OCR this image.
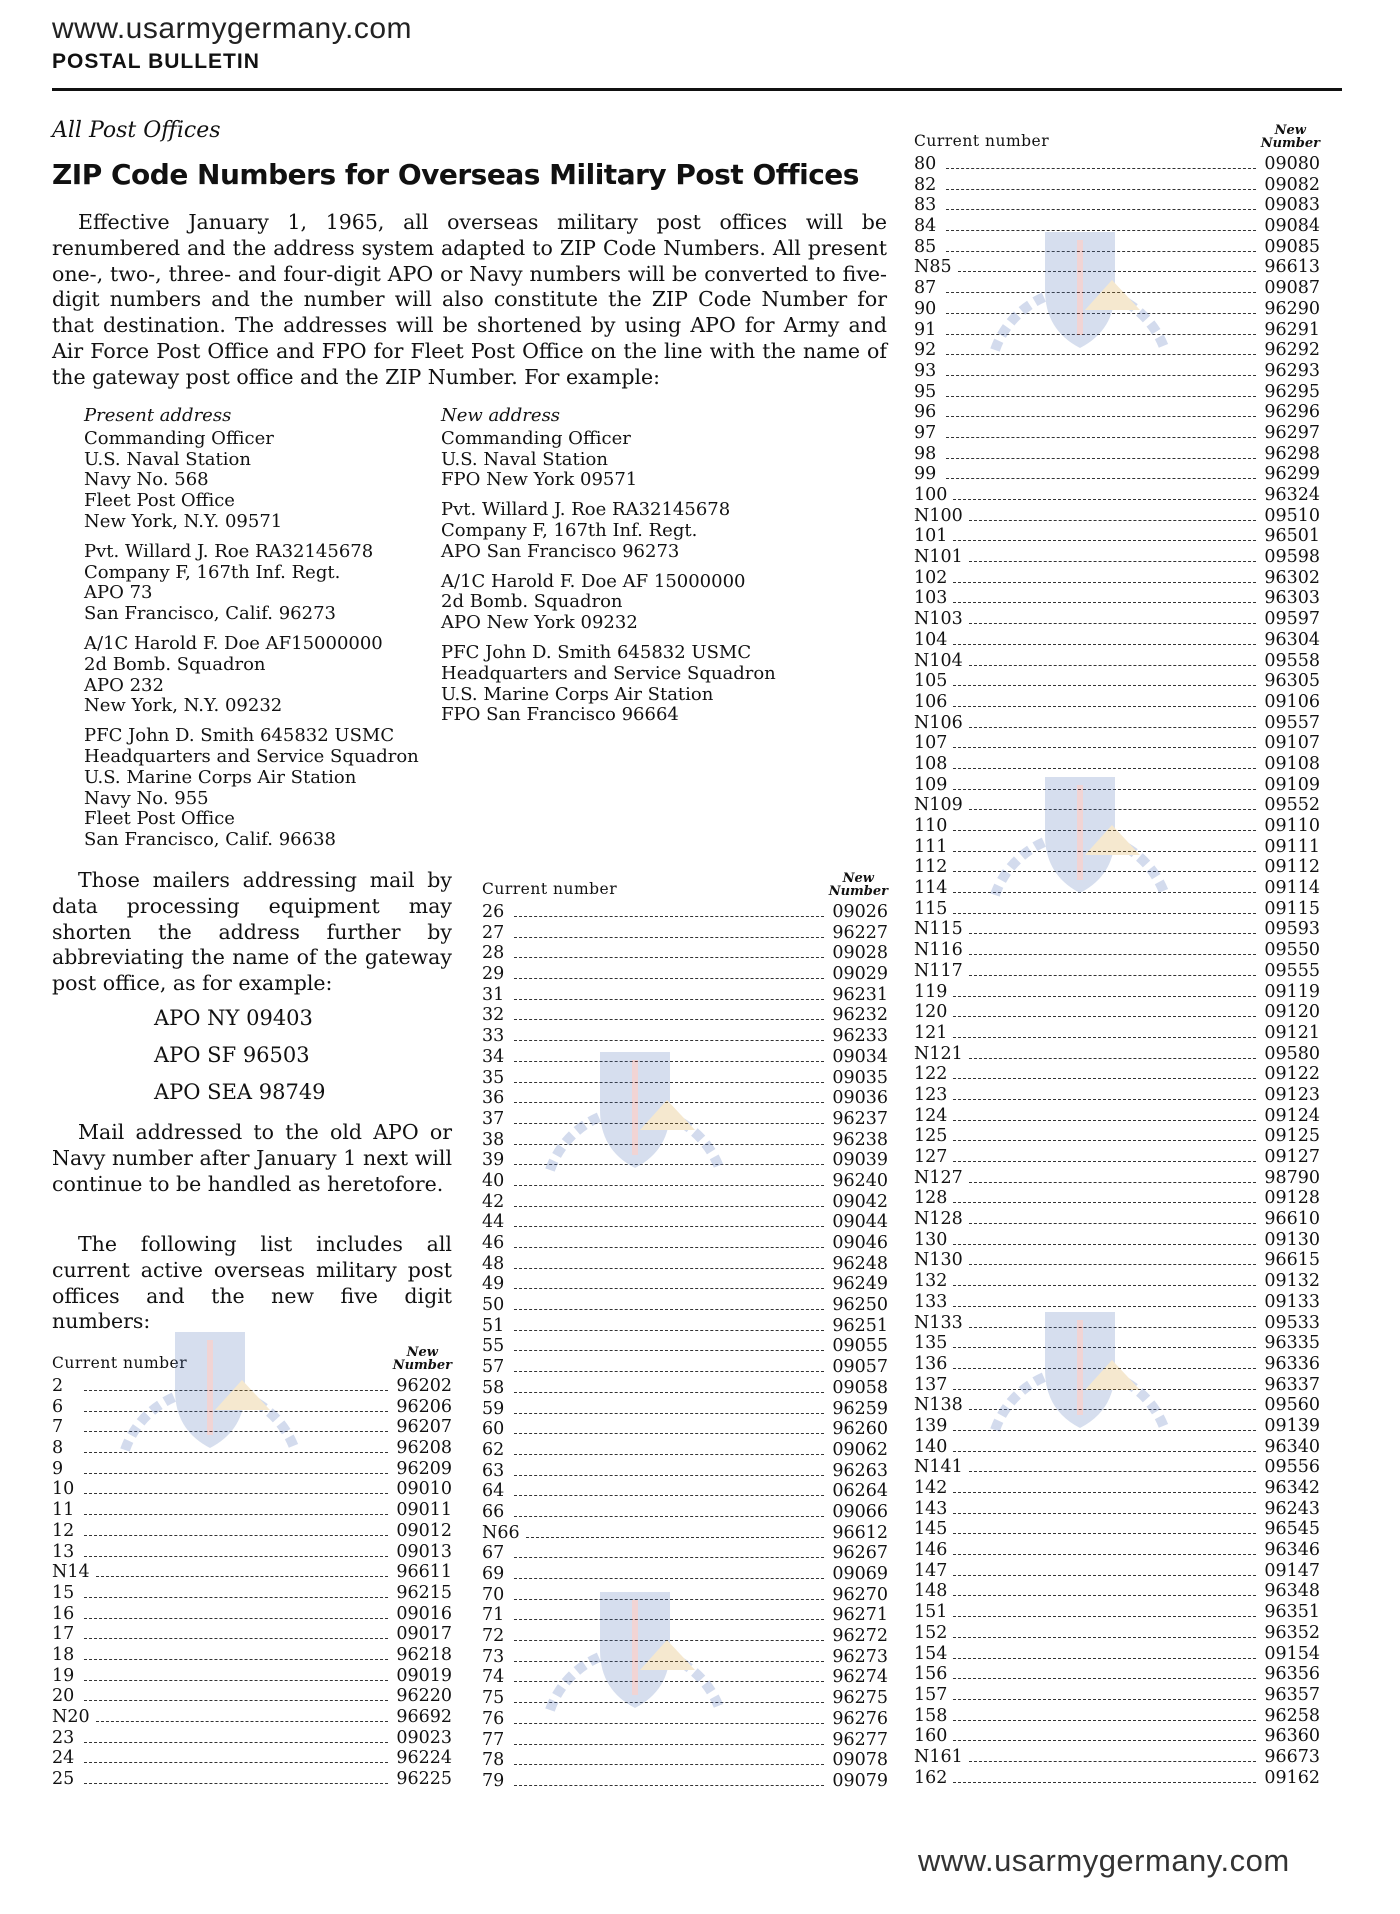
www.usarmygermany.com
POSTAL BULLETIN
All Post Offices
ZIP Code Numbers for Overseas Military Post Offices
Effective January 1, 1965, all overseas military post offices will be renumbered and the address system adapted to ZIP Code Numbers. All present one-, two-, three- and four-digit APO or Navy numbers will be converted to five-digit numbers and the number will also constitute the ZIP Code Number for that destination. The addresses will be shortened by using APO for Army and Air Force Post Office and FPO for Fleet Post Office on the line with the name of the gateway post office and the ZIP Number. For example:
Present address
Commanding Officer
U.S. Naval Station
Navy No. 568
Fleet Post Office
New York, N.Y. 09571
Pvt. Willard J. Roe RA32145678
Company F, 167th Inf. Regt.
APO 73
San Francisco, Calif. 96273
A/1C Harold F. Doe AF15000000
2d Bomb. Squadron
APO 232
New York, N.Y. 09232
PFC John D. Smith 645832 USMC
Headquarters and Service Squadron
U.S. Marine Corps Air Station
Navy No. 955
Fleet Post Office
San Francisco, Calif. 96638
New address
Commanding Officer
U.S. Naval Station
FPO New York 09571
Pvt. Willard J. Roe RA32145678
Company F, 167th Inf. Regt.
APO San Francisco 96273
A/1C Harold F. Doe AF 15000000
2d Bomb. Squadron
APO New York 09232
PFC John D. Smith 645832 USMC
Headquarters and Service Squadron
U.S. Marine Corps Air Station
FPO San Francisco 96664
Those mailers addressing mail by data processing equipment may shorten the address further by abbreviating the name of the gateway post office, as for example:
APO NY 09403
APO SF 96503
APO SEA 98749
Mail addressed to the old APO or Navy number after January 1 next will continue to be handled as heretofore.
The following list includes all current active overseas military post offices and the new five digit numbers:
Current number
New
Number
2	96202
6	96206
7	96207
8	96208
9	96209
10	09010
11	09011
12	09012
13	09013
N14	96611
15	96215
16	09016
17	09017
18	96218
19	09019
20	96220
N20	96692
23	09023
24	96224
25	96225
Current number
New
Number
26	09026
27	96227
28	09028
29	09029
31	96231
32	96232
33	96233
34	09034
35	09035
36	09036
37	96237
38	96238
39	09039
40	96240
42	09042
44	09044
46	09046
48	96248
49	96249
50	96250
51	96251
55	09055
57	09057
58	09058
59	96259
60	96260
62	09062
63	96263
64	06264
66	09066
N66	96612
67	96267
69	09069
70	96270
71	96271
72	96272
73	96273
74	96274
75	96275
76	96276
77	96277
78	09078
79	09079
Current number
New
Number
80	09080
82	09082
83	09083
84	09084
85	09085
N85	96613
87	09087
90	96290
91	96291
92	96292
93	96293
95	96295
96	96296
97	96297
98	96298
99	96299
100	96324
N100	09510
101	96501
N101	09598
102	96302
103	96303
N103	09597
104	96304
N104	09558
105	96305
106	09106
N106	09557
107	09107
108	09108
109	09109
N109	09552
110	09110
111	09111
112	09112
114	09114
115	09115
N115	09593
N116	09550
N117	09555
119	09119
120	09120
121	09121
N121	09580
122	09122
123	09123
124	09124
125	09125
127	09127
N127	98790
128	09128
N128	96610
130	09130
N130	96615
132	09132
133	09133
N133	09533
135	96335
136	96336
137	96337
N138	09560
139	09139
140	96340
N141	09556
142	96342
143	96243
145	96545
146	96346
147	09147
148	96348
151	96351
152	96352
154	09154
156	96356
157	96357
158	96258
160	96360
N161	96673
162	09162
www.usarmygermany.com
